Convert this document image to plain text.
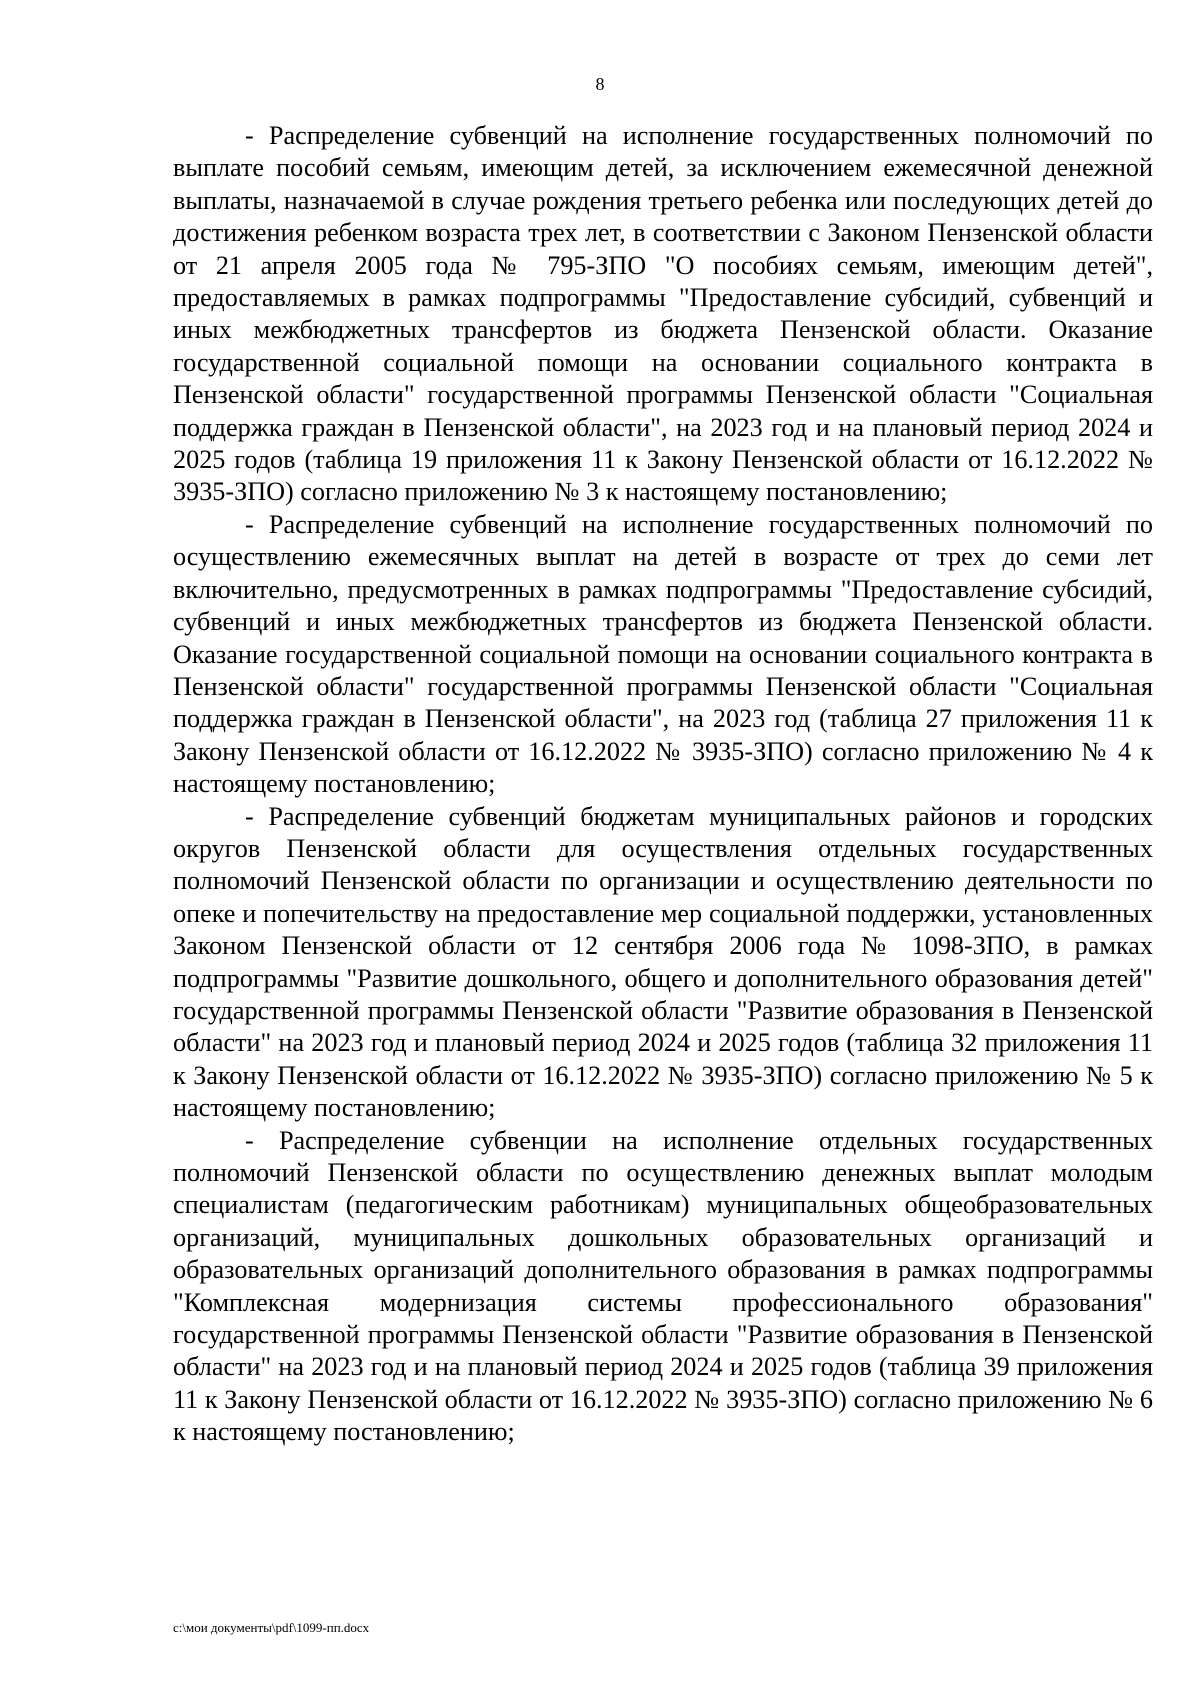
8

- Распределение субвенций на исполнение государственных полномочий по выплате пособий семьям, имеющим детей, за исключением ежемесячной денежной выплаты, назначаемой в случае рождения третьего ребенка или последующих детей до достижения ребенком возраста трех лет, в соответствии с Законом Пензенской области от 21 апреля 2005 года № 795-ЗПО "О пособиях семьям, имеющим детей", предоставляемых в рамках подпрограммы "Предоставление субсидий, субвенций и иных межбюджетных трансфертов из бюджета Пензенской области. Оказание государственной социальной помощи на основании социального контракта в Пензенской области" государственной программы Пензенской области "Социальная поддержка граждан в Пензенской области", на 2023 год и на плановый период 2024 и 2025 годов (таблица 19 приложения 11 к Закону Пензенской области от 16.12.2022 № 3935-ЗПО) согласно приложению № 3 к настоящему постановлению;

- Распределение субвенций на исполнение государственных полномочий по осуществлению ежемесячных выплат на детей в возрасте от трех до семи лет включительно, предусмотренных в рамках подпрограммы "Предоставление субсидий, субвенций и иных межбюджетных трансфертов из бюджета Пензенской области. Оказание государственной социальной помощи на основании социального контракта в Пензенской области" государственной программы Пензенской области "Социальная поддержка граждан в Пензенской области", на 2023 год (таблица 27 приложения 11 к Закону Пензенской области от 16.12.2022 № 3935-ЗПО) согласно приложению № 4 к настоящему постановлению;

- Распределение субвенций бюджетам муниципальных районов и городских округов Пензенской области для осуществления отдельных государственных полномочий Пензенской области по организации и осуществлению деятельности по опеке и попечительству на предоставление мер социальной поддержки, установленных Законом Пензенской области от 12 сентября 2006 года № 1098-ЗПО, в рамках подпрограммы "Развитие дошкольного, общего и дополнительного образования детей" государственной программы Пензенской области "Развитие образования в Пензенской области" на 2023 год и плановый период 2024 и 2025 годов (таблица 32 приложения 11 к Закону Пензенской области от 16.12.2022 № 3935-ЗПО) согласно приложению № 5 к настоящему постановлению;

- Распределение субвенции на исполнение отдельных государственных полномочий Пензенской области по осуществлению денежных выплат молодым специалистам (педагогическим работникам) муниципальных общеобразовательных организаций, муниципальных дошкольных образовательных организаций и образовательных организаций дополнительного образования в рамках подпрограммы "Комплексная модернизация системы профессионального образования" государственной программы Пензенской области "Развитие образования в Пензенской области" на 2023 год и на плановый период 2024 и 2025 годов (таблица 39 приложения 11 к Закону Пензенской области от 16.12.2022 № 3935-ЗПО) согласно приложению № 6 к настоящему постановлению;

c:\мои документы\pdf\1099-пп.docx
